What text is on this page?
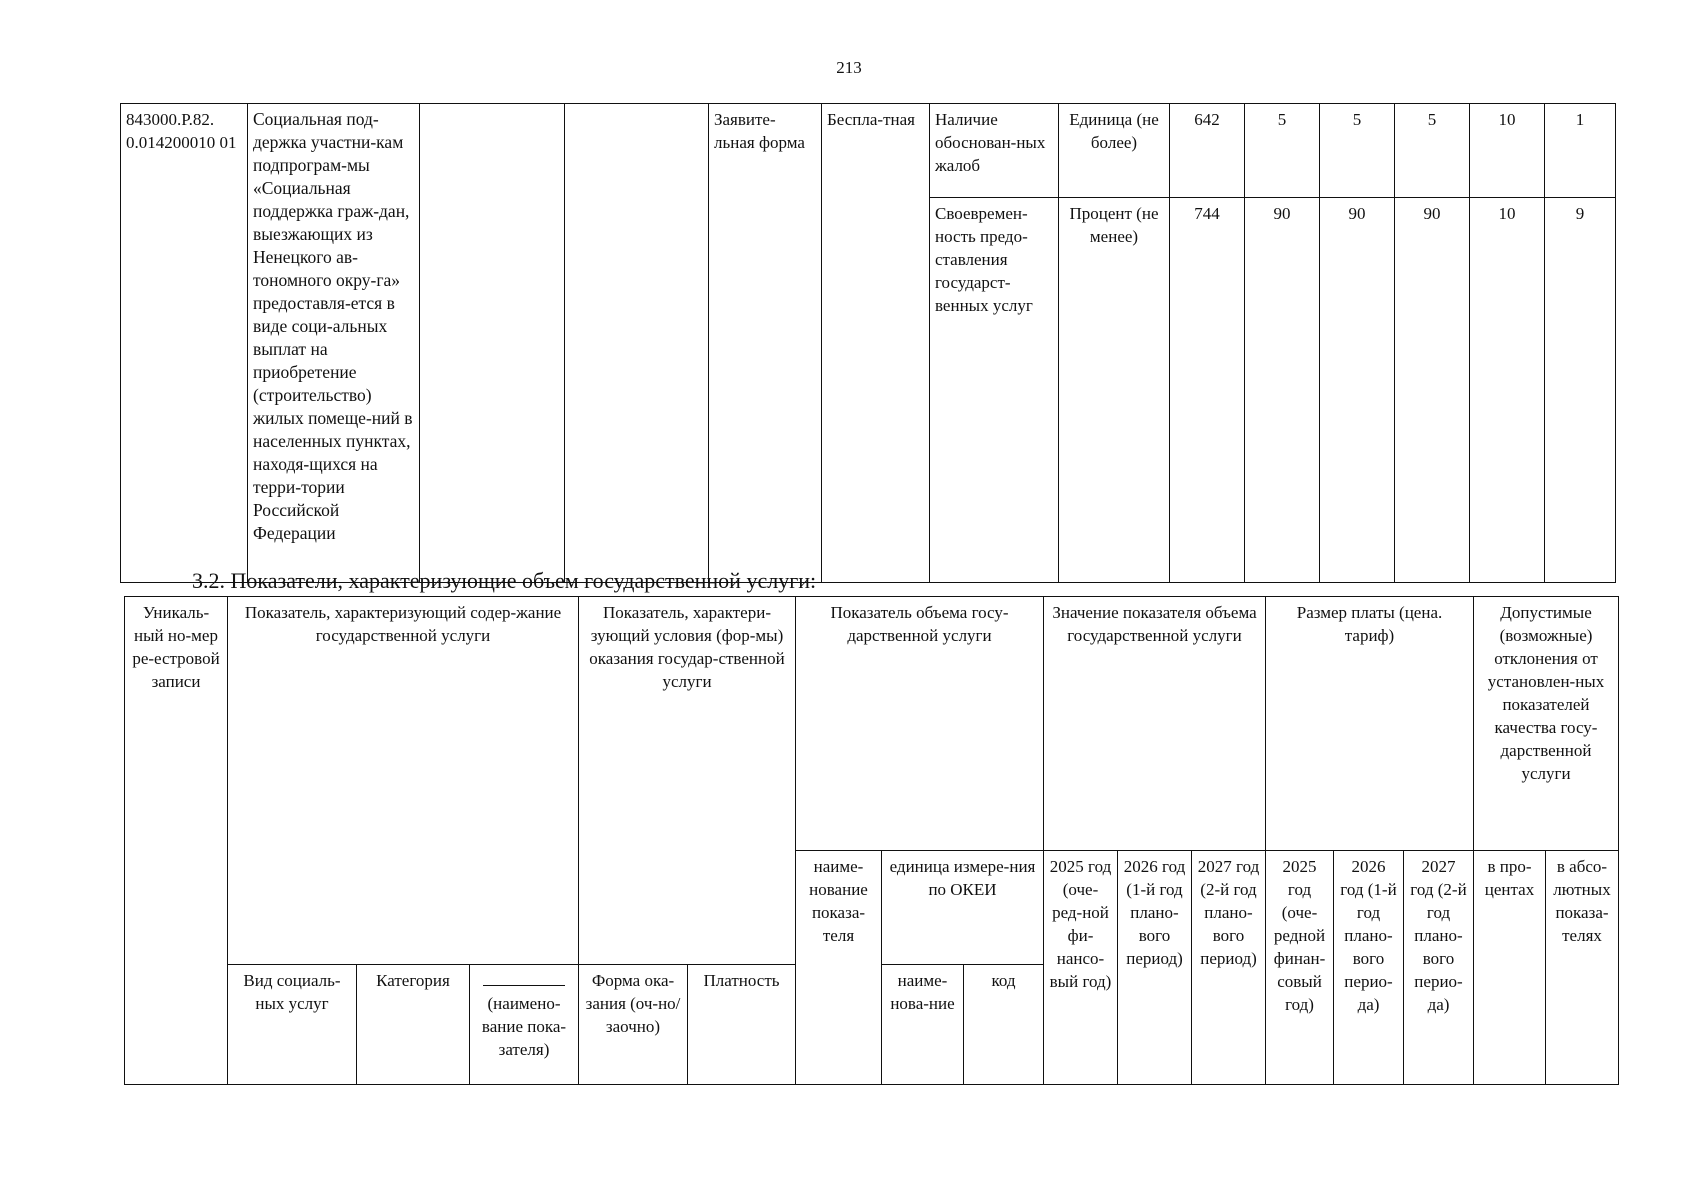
213
843000.Р.82. 0.014200010 01	Социальная под-держка участни-кам подпрограм-мы «Социальная поддержка граж-дан, выезжающих из Ненецкого ав-тономного окру-га» предоставля-ется в виде соци-альных выплат на приобретение (строительство) жилых помеще-ний в населенных пунктах, находя-щихся на терри-тории Российской Федерации			Заявите-льная форма	Беспла-тная	Наличие обоснован-ных жалоб	Единица (не более)	642	5	5	5	10	1
						Своевремен-ность предо-ставления государст-венных услуг	Процент (не менее)	744	90	90	90	10	9
3.2. Показатели, характеризующие объем государственной услуги:
Уникаль-ный но-мер ре-естровой записи	Показатель, характеризующий содер-жание государственной услуги			Показатель, характери-зующий условия (фор-мы) оказания государ-ственной услуги		Показатель объема госу-дарственной услуги			Значение показателя объема государственной услуги			Размер платы (цена. тариф)			Допустимые (возможные) отклонения от установлен-ных показателей качества госу-дарственной услуги	
						наиме-нование показа-теля	единица измере-ния по ОКЕИ		2025 год (оче-ред-ной фи-нансо-вый год)	2026 год (1-й год плано-вого период)	2027 год (2-й год плано-вого период)	2025 год (оче-редной финан-совый год)	2026 год (1-й год плано-вого перио-да)	2027 год (2-й год плано-вого перио-да)	в про-центах	в абсо-лютных показа-телях
	Вид социаль-ных услуг	Категория	(наимено-вание пока-зателя)	Форма ока-зания (оч-но/заочно)	Платность		наиме-нова-ние	код								
